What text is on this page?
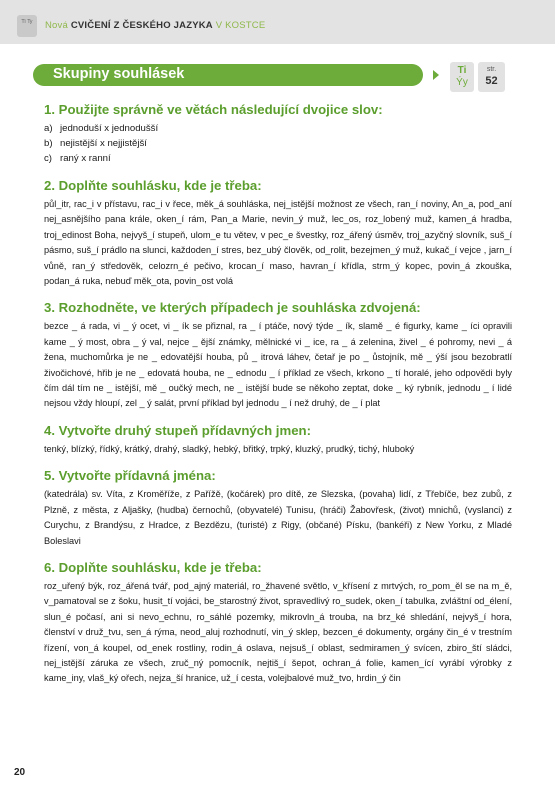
Ti Ty	Nová CVIČENÍ Z ČESKÉHO JAZYKA V KOSTCE
Skupiny souhlásek	Ti
Ýy
str.
52
1. Použijte správně ve větách následující dvojice slov:
a) jednoduší x jednodušší
b) nejistější x nejjistější
c) raný x ranní
2. Doplňte souhlásku, kde je třeba:

půl_itr, rac_i v přístavu, rac_i v řece, měk_á souhláska, nej_istější možnost ze všech, ran_í noviny, An_a, pod_aní nej_asnějšího pana krále, oken_í rám, Pan_a Marie, nevin_ý muž, lec_os, roz_lobený muž, kamen_á hradba, troj_edinost Boha, nejvyš_í stupeň, ulom_e tu větev, v pec_e švestky, roz_ářený úsměv, troj_azyčný slovník, suš_í pásmo, suš_í prádlo na slunci, každoden_í stres, bez_ubý člověk, od_rolit, bezejmen_ý muž, kukač_í vejce , jarn_í vůně, ran_ý středověk, celozrn_é pečivo, krocan_í maso, havran_í křídla, strm_ý kopec, povin_á zkouška, podan_á ruka, nebuď měk_ota, povin_ost volá

3. Rozhodněte, ve kterých případech je souhláska zdvojená:

bezce _ á rada, vi _ ý ocet, vi _ ík se přiznal, ra _ í ptáče, nový týde _ ík, slamě _ é figurky, kame _ íci opravili kame _ ý most, obra _ ý val, nejce _ ější známky, mělnické vi _ ice, ra _ á zelenina, živel _ é pohromy, nevi _ á žena, muchomůrka je ne _ edovatější houba, pů _ itrová láhev, četař je po _ ůstojník, mě _ ýší jsou bezobratlí živočichové, hřib je ne _ edovatá houba, ne _ ednodu _ í příklad ze všech, krkono _ tí horalé, jeho odpovědi byly čím dál tím ne _ istější, mě _ oučký mech, ne _ istější bude se někoho zeptat, doke _ ký rybník, jednodu _ í lidé nejsou vždy hloupí, zel _ ý salát, první příklad byl jednodu _ í než druhý, de _ í plat

4. Vytvořte druhý stupeň přídavných jmen:

tenký, blízký, řídký, krátký, drahý, sladký, hebký, břitký, trpký, kluzký, prudký, tichý, hluboký

5. Vytvořte přídavná jména:

(katedrála) sv. Víta, z Kroměříže, z Pařížě, (kočárek) pro dítě, ze Slezska, (povaha) lidí, z Třebíče, bez zubů, z Plzně, z města, z Aljašky, (hudba) černochů, (obyvatelé) Tunisu, (hráči) Žabovřesk, (život) mnichů, (vyslanci) z Curychu, z Brandýsu, z Hradce, z Bezdězu, (turisté) z Rigy, (občané) Písku, (bankéři) z New Yorku, z Mladé Boleslavi

6. Doplňte souhlásku, kde je třeba:

roz_uřený býk, roz_ářená tvář, pod_ajný materiál, ro_žhavené světlo, v_křísení z mrtvých, ro_pom_ěl se na m_ě, v_pamatoval se z šoku, husit_tí vojáci, be_starostný život, spravedlivý ro_sudek, oken_í tabulka, zvláštní od_élení, slun_é počasí, ani si nevo_echnu, ro_sáhlé pozemky, mikrovln_á trouba, na brz_ké shledání, nejvyš_í hora, členství v druž_tvu, sen_á rýma, neod_aluj rozhodnutí, vin_ý sklep, bezcen_é dokumenty, orgány čin_é v trestním řízení, von_á koupel, od_enek rostliny, rodin_á oslava, nejsuš_í oblast, sedmiramen_ý svícen, zbiro_ští sládci, nej_istější záruka ze všech, zruč_ný pomocník, nejtiš_í šepot, ochran_á folie, kamen_ící vyrábí výrobky z kame_iny, vlaš_ký ořech, nejza_ší hranice, už_í cesta, volejbalové muž_tvo, hrdin_ý čin

20
